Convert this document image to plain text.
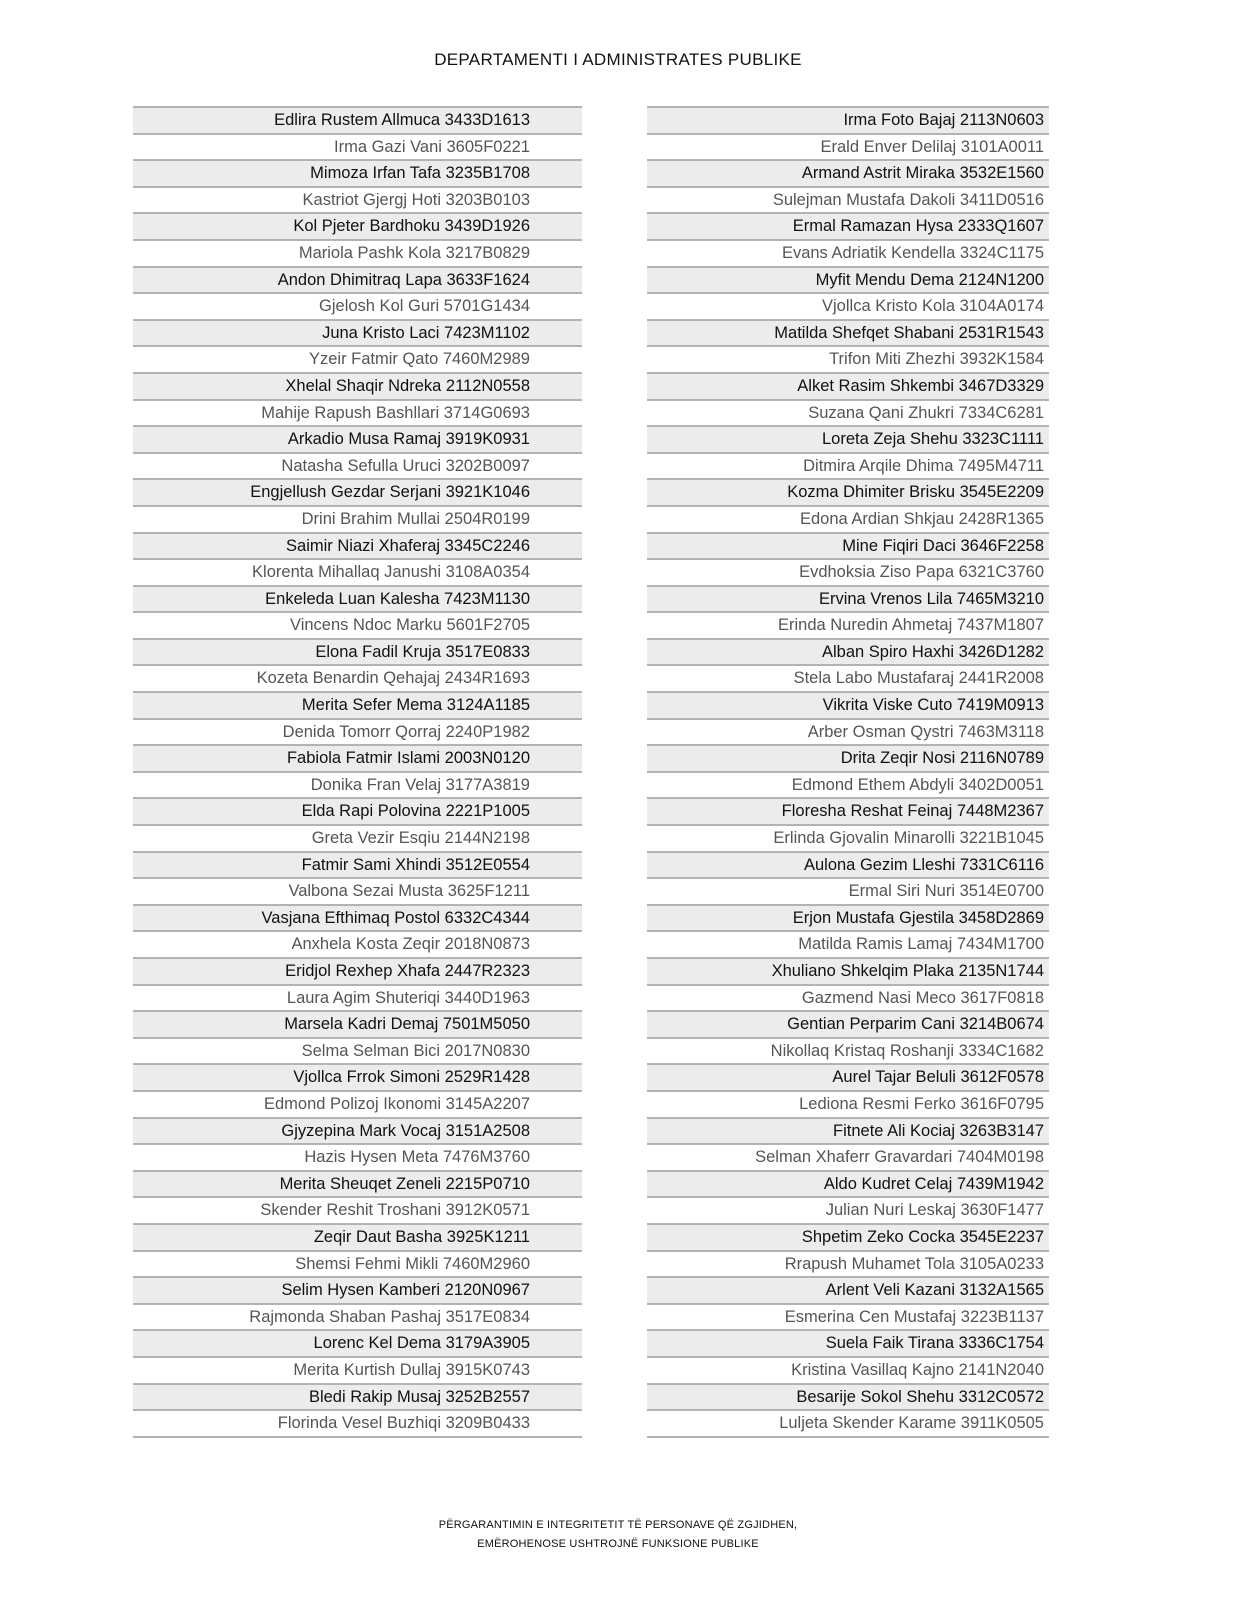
DEPARTAMENTI I ADMINISTRATES PUBLIKE
Edlira Rustem Allmuca 3433D1613
Irma Gazi Vani 3605F0221
Mimoza Irfan Tafa 3235B1708
Kastriot Gjergj Hoti 3203B0103
Kol Pjeter Bardhoku 3439D1926
Mariola Pashk Kola 3217B0829
Andon Dhimitraq Lapa 3633F1624
Gjelosh Kol Guri 5701G1434
Juna Kristo Laci 7423M1102
Yzeir Fatmir Qato 7460M2989
Xhelal Shaqir Ndreka 2112N0558
Mahije Rapush Bashllari 3714G0693
Arkadio Musa Ramaj 3919K0931
Natasha Sefulla Uruci 3202B0097
Engjellush Gezdar Serjani 3921K1046
Drini Brahim Mullai 2504R0199
Saimir Niazi Xhaferaj 3345C2246
Klorenta Mihallaq Janushi 3108A0354
Enkeleda Luan Kalesha 7423M1130
Vincens Ndoc Marku 5601F2705
Elona Fadil Kruja 3517E0833
Kozeta Benardin Qehajaj 2434R1693
Merita Sefer Mema 3124A1185
Denida Tomorr Qorraj 2240P1982
Fabiola Fatmir Islami 2003N0120
Donika Fran Velaj 3177A3819
Elda Rapi Polovina 2221P1005
Greta Vezir Esqiu 2144N2198
Fatmir Sami Xhindi 3512E0554
Valbona Sezai Musta 3625F1211
Vasjana Efthimaq Postol 6332C4344
Anxhela Kosta Zeqir 2018N0873
Eridjol Rexhep Xhafa 2447R2323
Laura Agim Shuteriqi 3440D1963
Marsela Kadri Demaj 7501M5050
Selma Selman Bici 2017N0830
Vjollca Frrok Simoni 2529R1428
Edmond Polizoj Ikonomi 3145A2207
Gjyzepina Mark Vocaj 3151A2508
Hazis Hysen Meta 7476M3760
Merita Sheuqet Zeneli 2215P0710
Skender Reshit Troshani 3912K0571
Zeqir Daut Basha 3925K1211
Shemsi Fehmi Mikli 7460M2960
Selim Hysen Kamberi 2120N0967
Rajmonda Shaban Pashaj 3517E0834
Lorenc Kel Dema 3179A3905
Merita Kurtish Dullaj 3915K0743
Bledi Rakip Musaj 3252B2557
Florinda Vesel Buzhiqi 3209B0433
Irma Foto Bajaj 2113N0603
Erald Enver Delilaj 3101A0011
Armand Astrit Miraka 3532E1560
Sulejman Mustafa Dakoli 3411D0516
Ermal Ramazan Hysa 2333Q1607
Evans Adriatik Kendella 3324C1175
Myfit Mendu Dema 2124N1200
Vjollca Kristo Kola 3104A0174
Matilda Shefqet Shabani 2531R1543
Trifon Miti Zhezhi 3932K1584
Alket Rasim Shkembi 3467D3329
Suzana Qani Zhukri 7334C6281
Loreta Zeja Shehu 3323C1111
Ditmira Arqile Dhima 7495M4711
Kozma Dhimiter Brisku 3545E2209
Edona Ardian Shkjau 2428R1365
Mine Fiqiri Daci 3646F2258
Evdhoksia Ziso Papa 6321C3760
Ervina Vrenos Lila 7465M3210
Erinda Nuredin Ahmetaj 7437M1807
Alban Spiro Haxhi 3426D1282
Stela Labo Mustafaraj 2441R2008
Vikrita Viske Cuto 7419M0913
Arber Osman Qystri 7463M3118
Drita Zeqir Nosi 2116N0789
Edmond Ethem Abdyli 3402D0051
Floresha Reshat Feinaj 7448M2367
Erlinda Gjovalin Minarolli 3221B1045
Aulona Gezim Lleshi 7331C6116
Ermal Siri Nuri 3514E0700
Erjon Mustafa Gjestila 3458D2869
Matilda Ramis Lamaj 7434M1700
Xhuliano Shkelqim Plaka 2135N1744
Gazmend Nasi Meco 3617F0818
Gentian Perparim Cani 3214B0674
Nikollaq Kristaq Roshanji 3334C1682
Aurel Tajar Beluli 3612F0578
Lediona Resmi Ferko 3616F0795
Fitnete Ali Kociaj 3263B3147
Selman Xhaferr Gravardari 7404M0198
Aldo Kudret Celaj 7439M1942
Julian Nuri Leskaj 3630F1477
Shpetim Zeko Cocka 3545E2237
Rrapush Muhamet Tola 3105A0233
Arlent Veli Kazani 3132A1565
Esmerina Cen Mustafaj 3223B1137
Suela Faik Tirana 3336C1754
Kristina Vasillaq Kajno 2141N2040
Besarije Sokol Shehu 3312C0572
Luljeta Skender Karame 3911K0505
PËRGARANTIMIN E INTEGRITETIT TË PERSONAVE QË ZGJIDHEN,
EMËROHENOSE USHTROJNË FUNKSIONE PUBLIKE
